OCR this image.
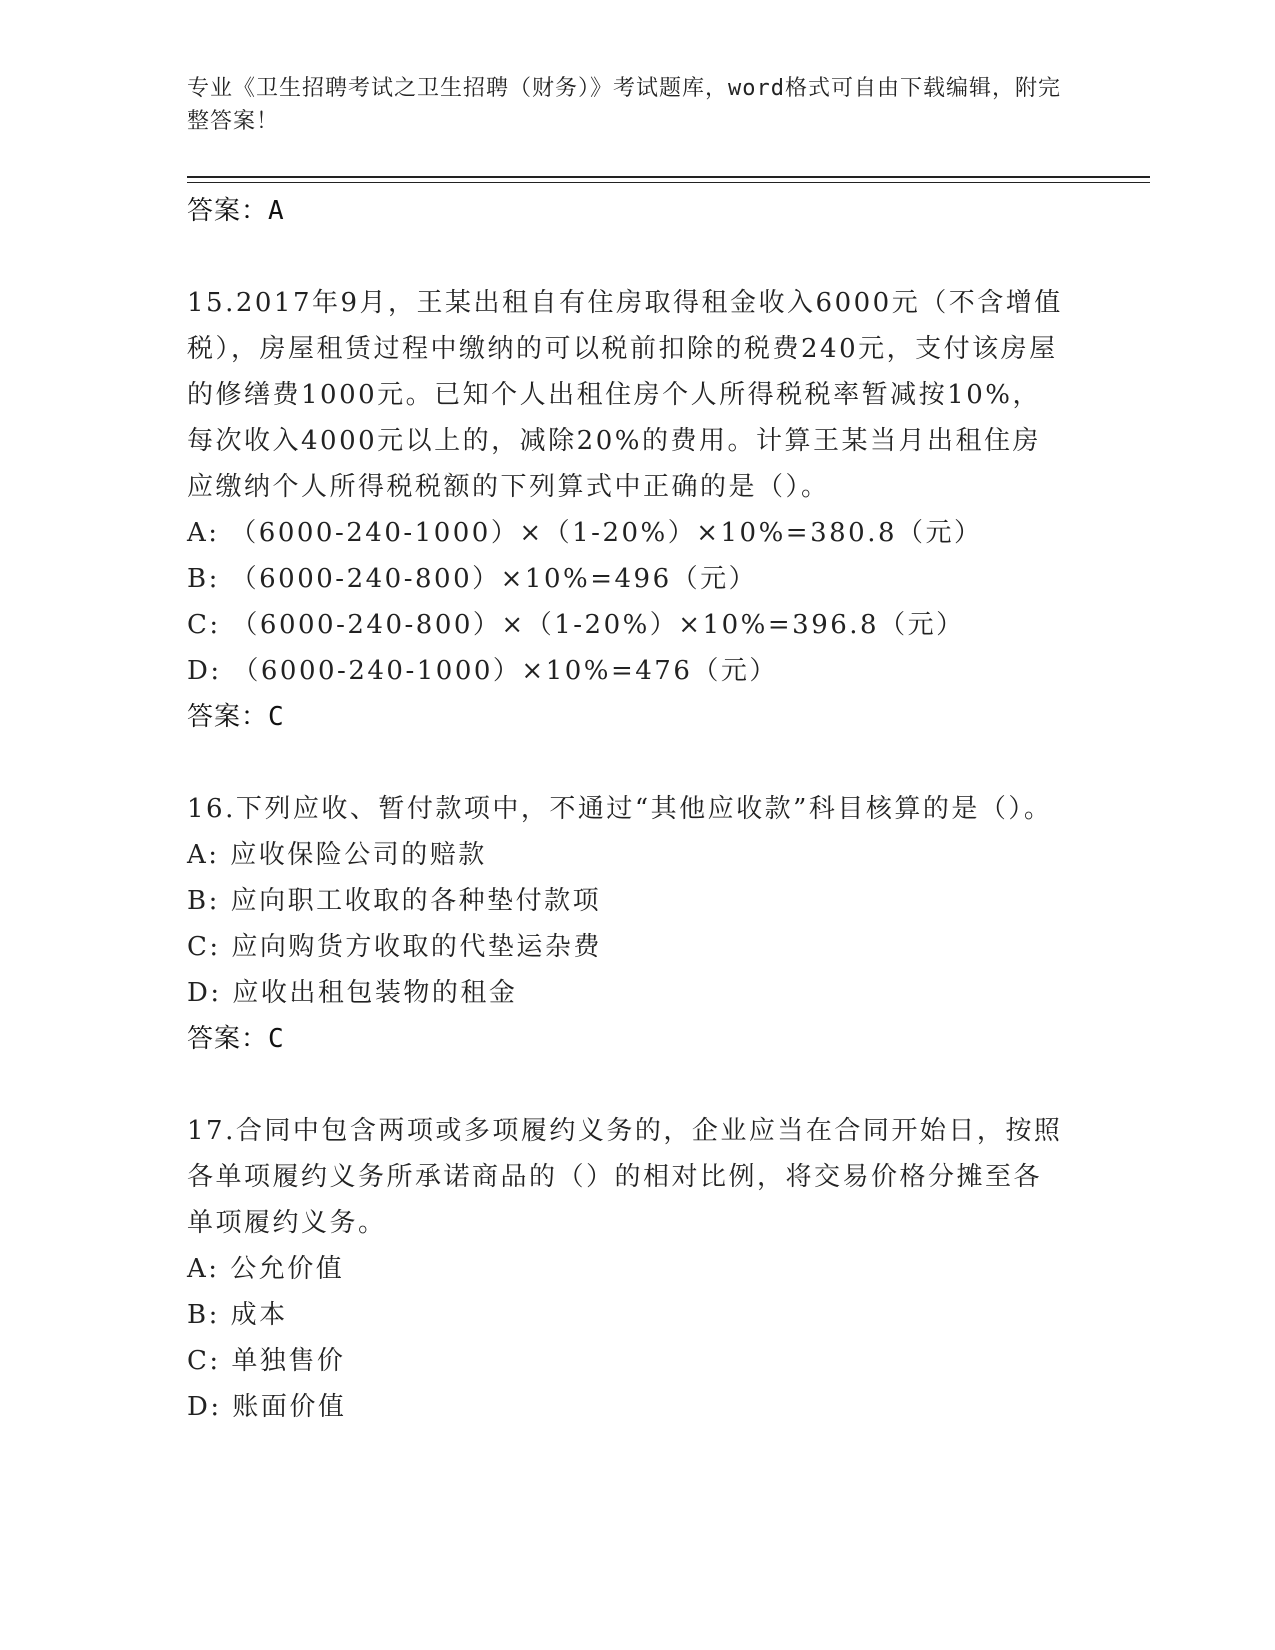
专业《卫生招聘考试之卫生招聘（财务）》考试题库，word格式可自由下载编辑，附完整答案！
答案：A
15.2017年9月，王某出租自有住房取得租金收入6000元（不含增值税），房屋租赁过程中缴纳的可以税前扣除的税费240元，支付该房屋的修缮费1000元。已知个人出租住房个人所得税税率暂减按10%，每次收入4000元以上的，减除20%的费用。计算王某当月出租住房应缴纳个人所得税税额的下列算式中正确的是（）。
A: （6000-240-1000）×（1-20%）×10%=380.8（元）
B: （6000-240-800）×10%=496（元）
C: （6000-240-800）×（1-20%）×10%=396.8（元）
D: （6000-240-1000）×10%=476（元）
答案：C
16.下列应收、暂付款项中，不通过“其他应收款”科目核算的是（）。
A: 应收保险公司的赔款
B: 应向职工收取的各种垫付款项
C: 应向购货方收取的代垫运杂费
D: 应收出租包装物的租金
答案：C
17.合同中包含两项或多项履约义务的，企业应当在合同开始日，按照各单项履约义务所承诺商品的（）的相对比例，将交易价格分摊至各单项履约义务。
A: 公允价值
B: 成本
C: 单独售价
D: 账面价值
